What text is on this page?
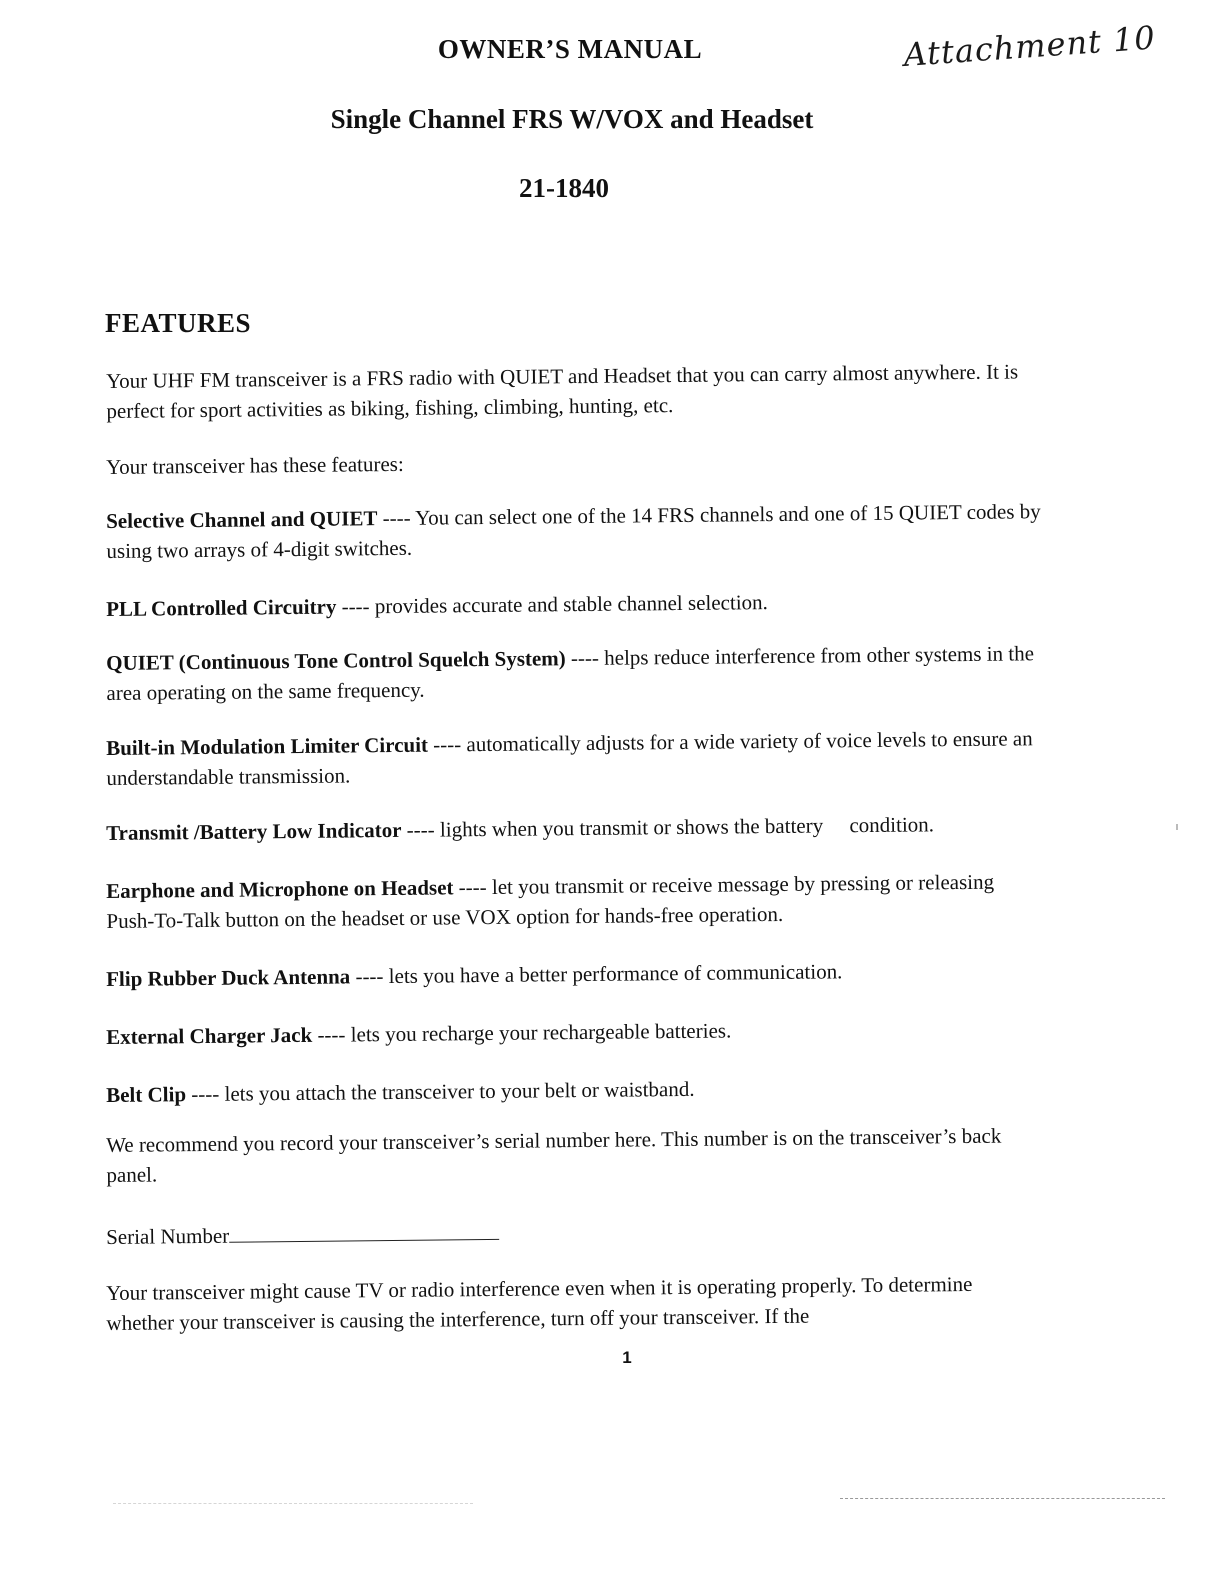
OWNER’S MANUAL	Attachment 10
Single Channel FRS W/VOX and Headset
21-1840
FEATURES

Your UHF FM transceiver is a FRS radio with QUIET and Headset that you can carry almost anywhere. It is perfect for sport activities as biking, fishing, climbing, hunting, etc.

Your transceiver has these features:

Selective Channel and QUIET ---- You can select one of the 14 FRS channels and one of 15 QUIET codes by using two arrays of 4-digit switches.

PLL Controlled Circuitry ---- provides accurate and stable channel selection.

QUIET (Continuous Tone Control Squelch System) ---- helps reduce interference from other systems in the area operating on the same frequency.

Built-in Modulation Limiter Circuit ---- automatically adjusts for a wide variety of voice levels to ensure an understandable transmission.

Transmit /Battery Low Indicator ---- lights when you transmit or shows the battery     condition.

Earphone and Microphone on Headset ---- let you transmit or receive message by pressing or releasing Push-To-Talk button on the headset or use VOX option for hands-free operation.

Flip Rubber Duck Antenna ---- lets you have a better performance of communication.

External Charger Jack ---- lets you recharge your rechargeable batteries.

Belt Clip ---- lets you attach the transceiver to your belt or waistband.

We recommend you record your transceiver’s serial number here. This number is on the transceiver’s back panel.

Serial Number

Your transceiver might cause TV or radio interference even when it is operating properly. To determine whether your transceiver is causing the interference, turn off your transceiver. If the

1
